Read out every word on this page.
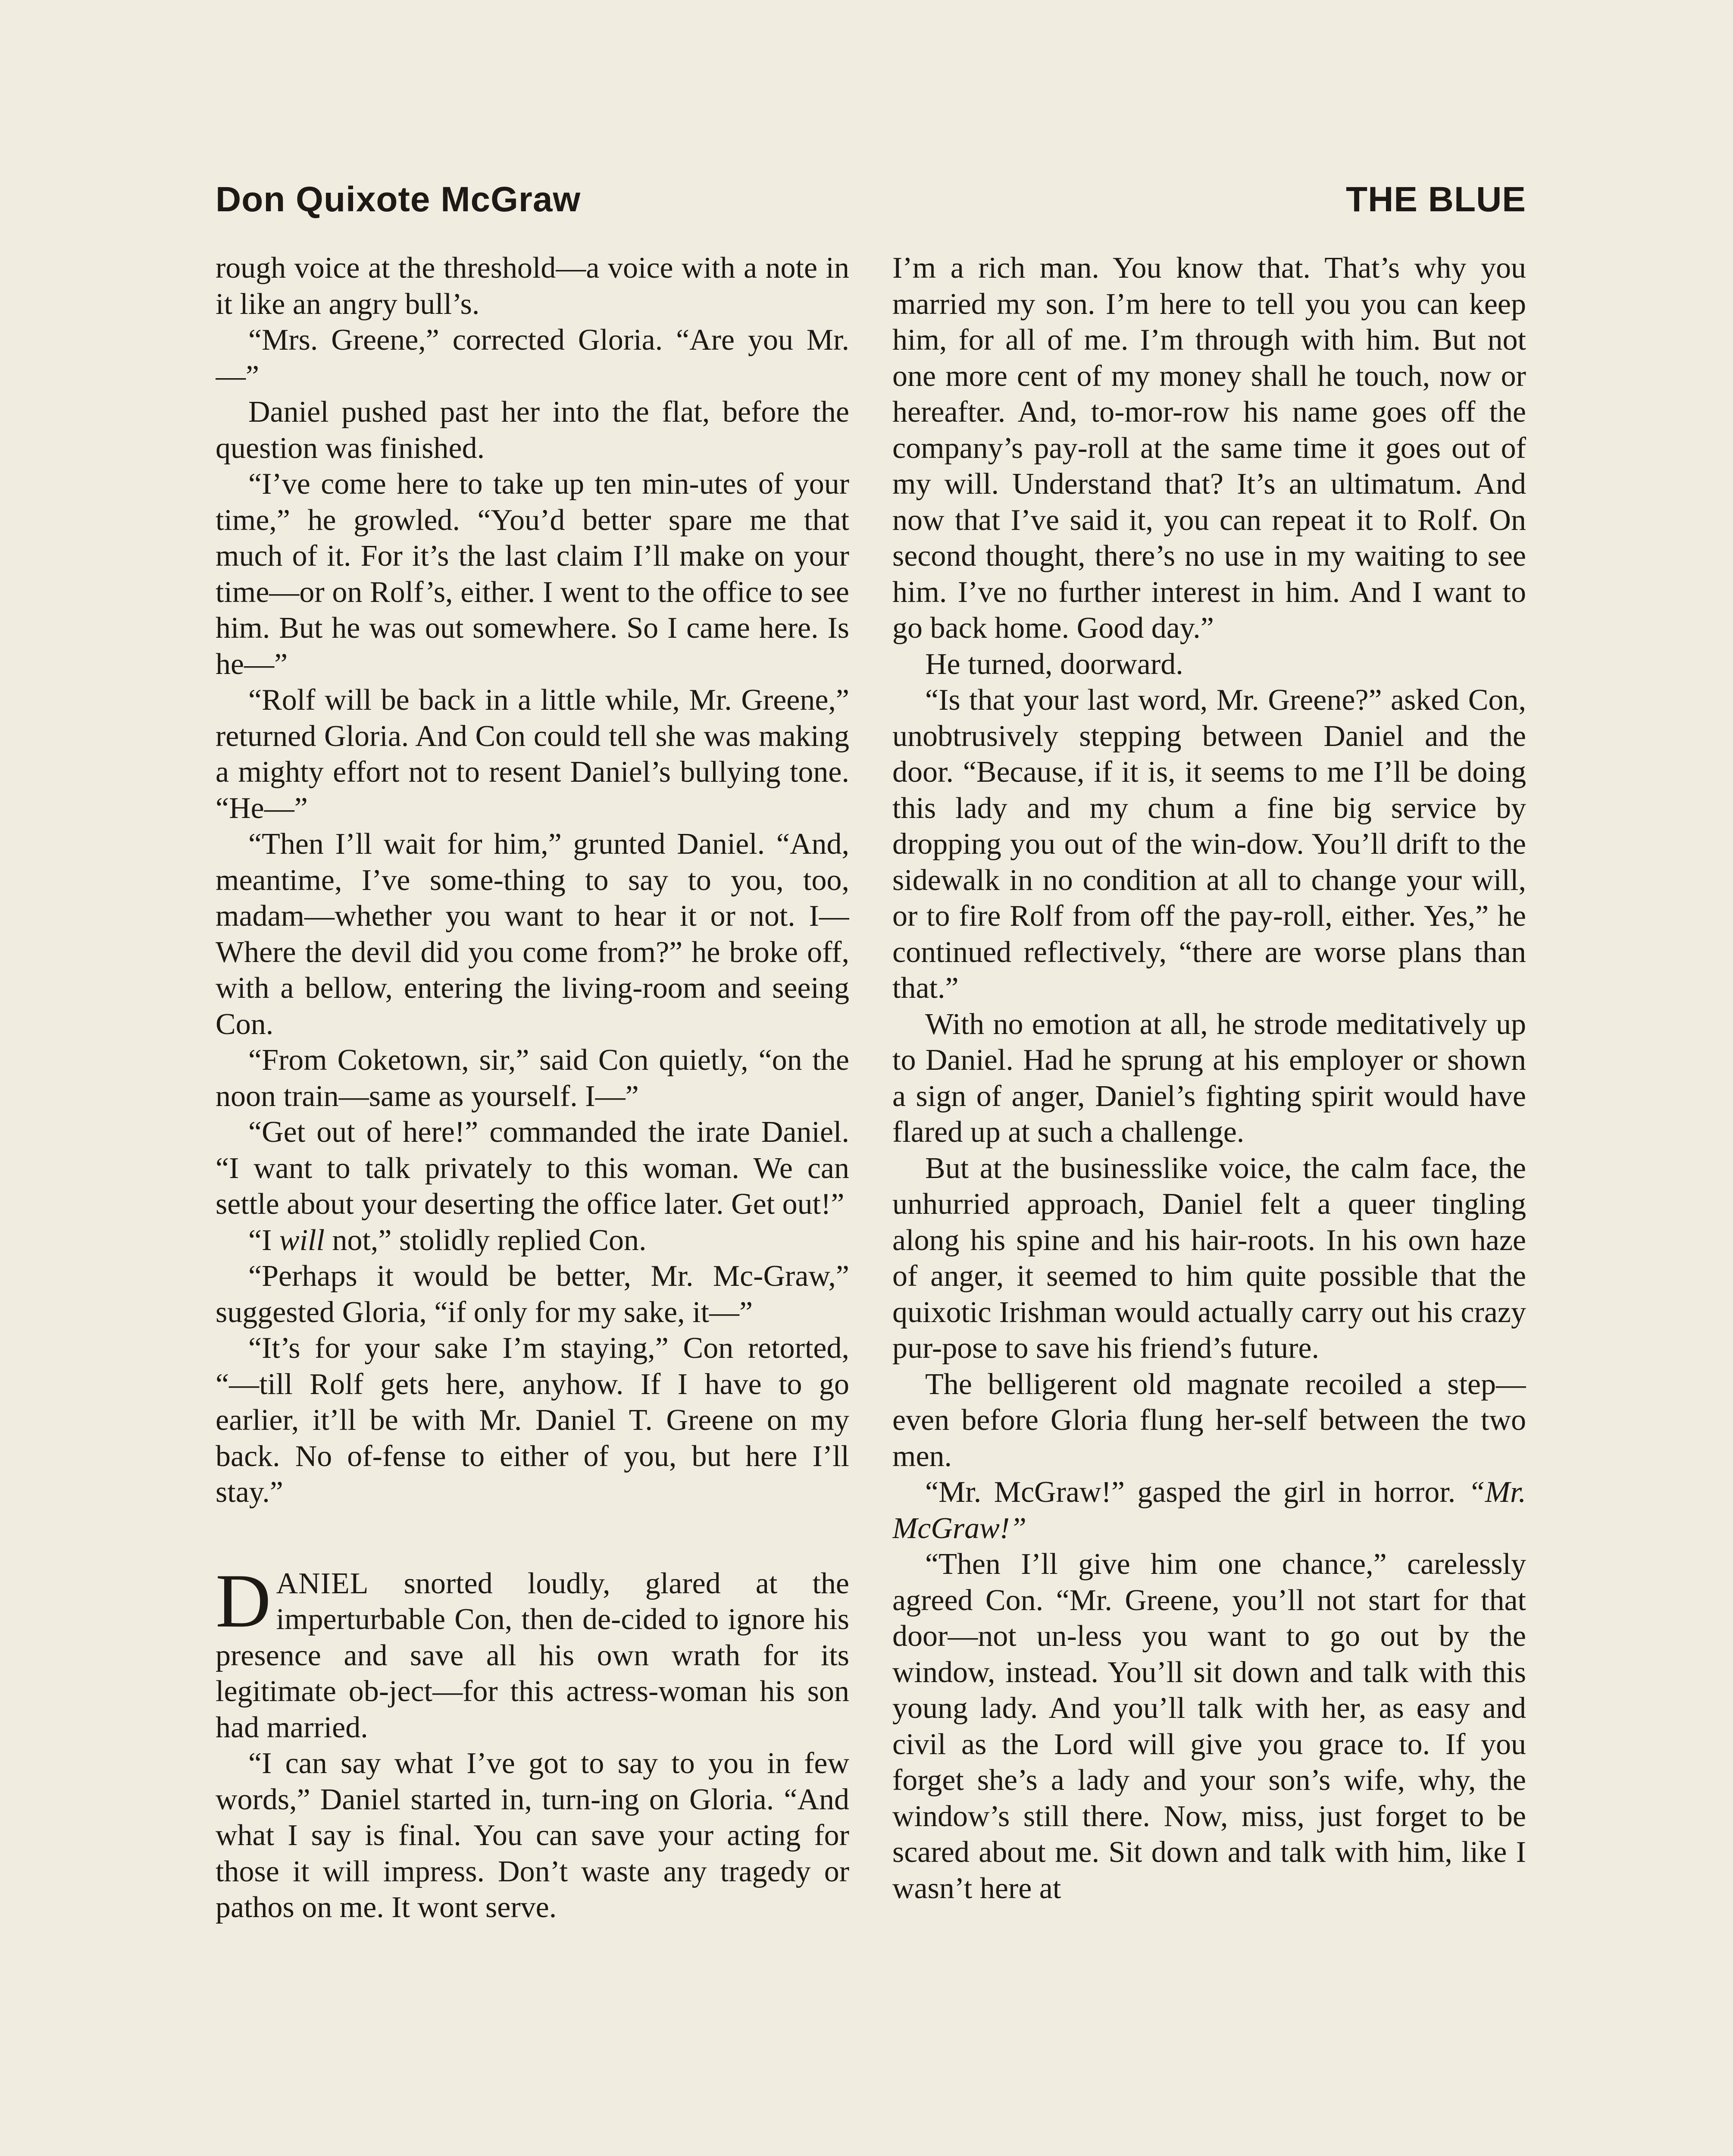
Don Quixote McGraw	THE BLUE

rough voice at the threshold—a voice with a note in it like an angry bull’s.

“Mrs. Greene,” corrected Gloria. “Are you Mr.—”

Daniel pushed past her into the flat, before the question was finished.

“I’ve come here to take up ten min-utes of your time,” he growled. “You’d better spare me that much of it. For it’s the last claim I’ll make on your time—or on Rolf’s, either. I went to the office to see him. But he was out somewhere. So I came here. Is he—”

“Rolf will be back in a little while, Mr. Greene,” returned Gloria. And Con could tell she was making a mighty effort not to resent Daniel’s bullying tone. “He—”

“Then I’ll wait for him,” grunted Daniel. “And, meantime, I’ve some-thing to say to you, too, madam—whether you want to hear it or not. I— Where the devil did you come from?” he broke off, with a bellow, entering the living-room and seeing Con.

“From Coketown, sir,” said Con quietly, “on the noon train—same as yourself. I—”

“Get out of here!” commanded the irate Daniel. “I want to talk privately to this woman. We can settle about your deserting the office later. Get out!”

“I will not,” stolidly replied Con.

“Perhaps it would be better, Mr. Mc-Graw,” suggested Gloria, “if only for my sake, it—”

“It’s for your sake I’m staying,” Con retorted, “—till Rolf gets here, anyhow. If I have to go earlier, it’ll be with Mr. Daniel T. Greene on my back. No of-fense to either of you, but here I’ll stay.”

DANIEL snorted loudly, glared at the imperturbable Con, then de-cided to ignore his presence and save all his own wrath for its legitimate ob-ject—for this actress-woman his son had married.

“I can say what I’ve got to say to you in few words,” Daniel started in, turn-ing on Gloria. “And what I say is final. You can save your acting for those it will impress. Don’t waste any tragedy or pathos on me. It wont serve.

I’m a rich man. You know that. That’s why you married my son. I’m here to tell you you can keep him, for all of me. I’m through with him. But not one more cent of my money shall he touch, now or hereafter. And, to-mor-row his name goes off the company’s pay-roll at the same time it goes out of my will. Understand that? It’s an ultimatum. And now that I’ve said it, you can repeat it to Rolf. On second thought, there’s no use in my waiting to see him. I’ve no further interest in him. And I want to go back home. Good day.”

He turned, doorward.

“Is that your last word, Mr. Greene?” asked Con, unobtrusively stepping between Daniel and the door. “Because, if it is, it seems to me I’ll be doing this lady and my chum a fine big service by dropping you out of the win-dow. You’ll drift to the sidewalk in no condition at all to change your will, or to fire Rolf from off the pay-roll, either. Yes,” he continued reflectively, “there are worse plans than that.”

With no emotion at all, he strode meditatively up to Daniel. Had he sprung at his employer or shown a sign of anger, Daniel’s fighting spirit would have flared up at such a challenge.

But at the businesslike voice, the calm face, the unhurried approach, Daniel felt a queer tingling along his spine and his hair-roots. In his own haze of anger, it seemed to him quite possible that the quixotic Irishman would actually carry out his crazy pur-pose to save his friend’s future.

The belligerent old magnate recoiled a step—even before Gloria flung her-self between the two men.

“Mr. McGraw!” gasped the girl in horror. “Mr. McGraw!”

“Then I’ll give him one chance,” carelessly agreed Con. “Mr. Greene, you’ll not start for that door—not un-less you want to go out by the window, instead. You’ll sit down and talk with this young lady. And you’ll talk with her, as easy and civil as the Lord will give you grace to. If you forget she’s a lady and your son’s wife, why, the window’s still there. Now, miss, just forget to be scared about me. Sit down and talk with him, like I wasn’t here at
